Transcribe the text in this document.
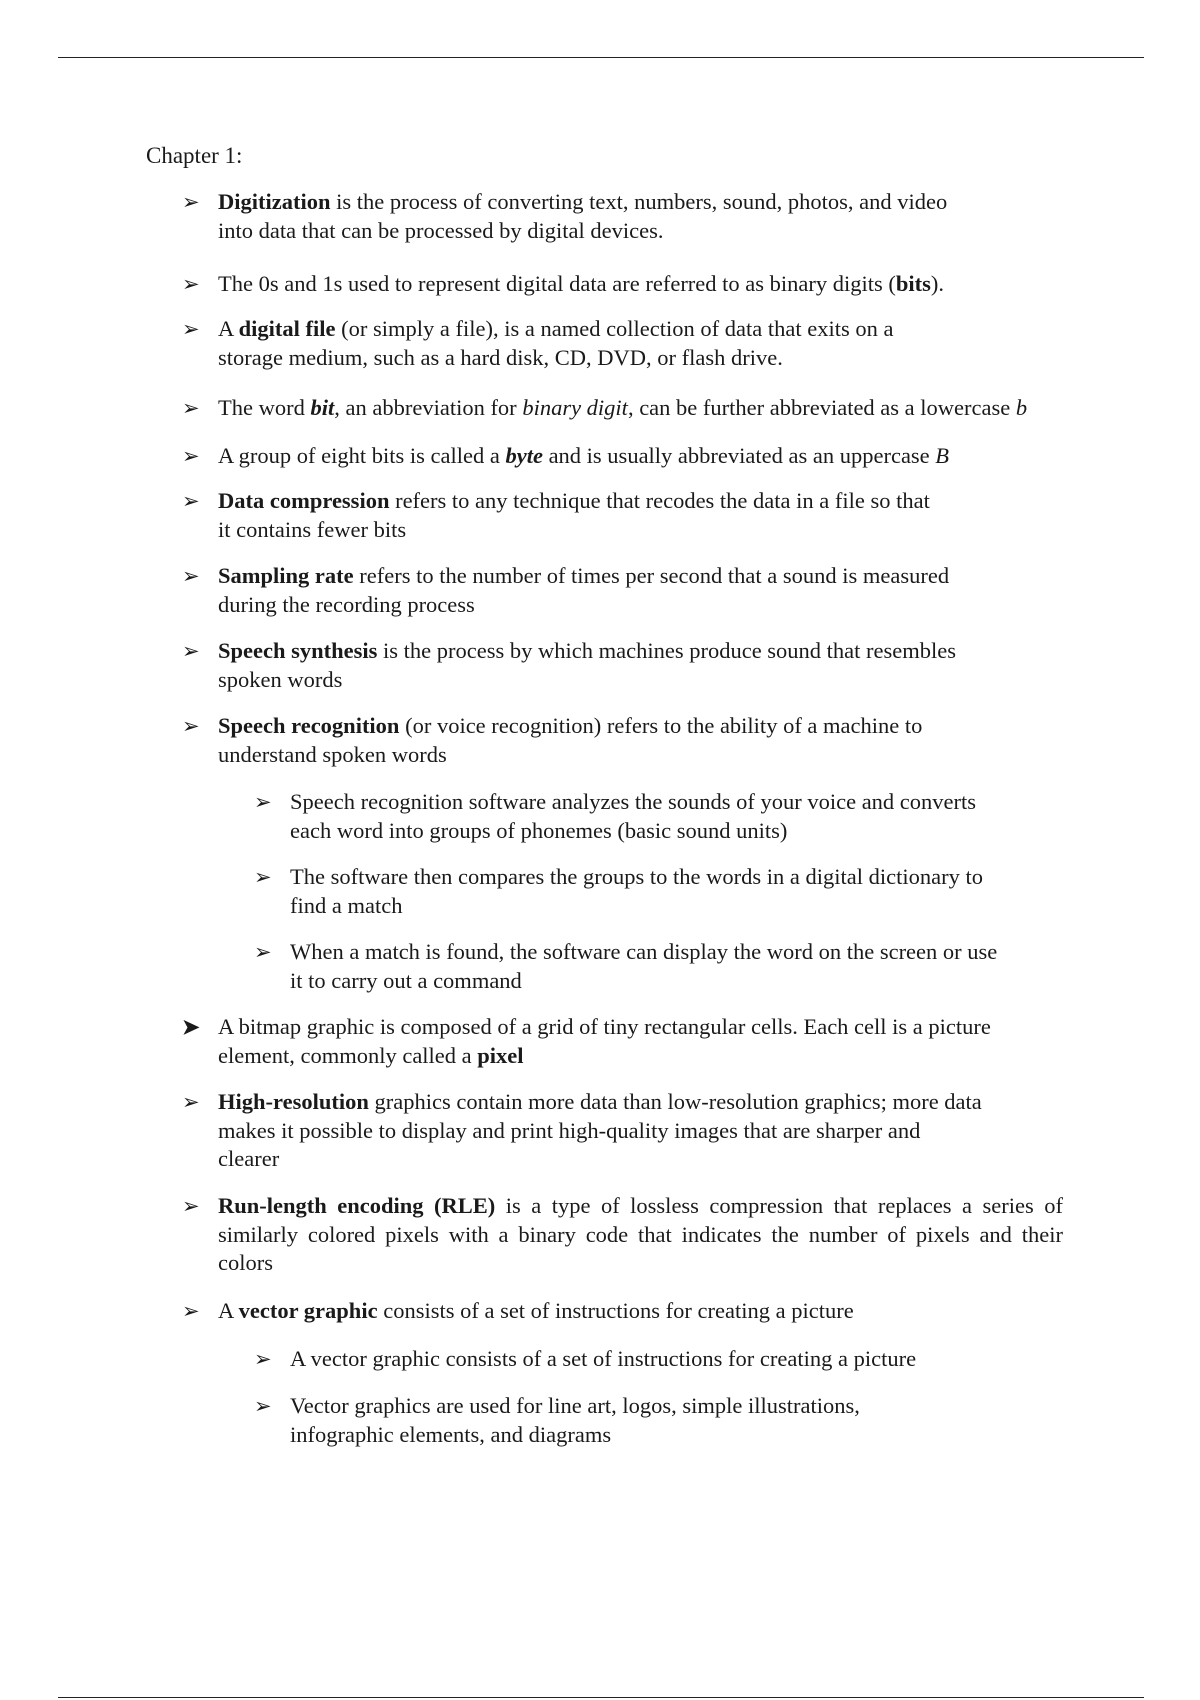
Chapter 1:
➢ Digitization is the process of converting text, numbers, sound, photos, and video
into data that can be processed by digital devices.
➢ The 0s and 1s used to represent digital data are referred to as binary digits (bits).
➢ A digital file (or simply a file), is a named collection of data that exits on a
storage medium, such as a hard disk, CD, DVD, or flash drive.
➢ The word bit, an abbreviation for binary digit, can be further abbreviated as a lowercase b
➢ A group of eight bits is called a byte and is usually abbreviated as an uppercase B
➢ Data compression refers to any technique that recodes the data in a file so that
it contains fewer bits
➢ Sampling rate refers to the number of times per second that a sound is measured
during the recording process
➢ Speech synthesis is the process by which machines produce sound that resembles
spoken words
➢ Speech recognition (or voice recognition) refers to the ability of a machine to
understand spoken words
➢ Speech recognition software analyzes the sounds of your voice and converts
each word into groups of phonemes (basic sound units)
➢ The software then compares the groups to the words in a digital dictionary to
find a match
➢ When a match is found, the software can display the word on the screen or use
it to carry out a command
➤ A bitmap graphic is composed of a grid of tiny rectangular cells. Each cell is a picture
element, commonly called a pixel
➢ High-resolution graphics contain more data than low-resolution graphics; more data
makes it possible to display and print high-quality images that are sharper and
clearer
➢ Run-length encoding (RLE) is a type of lossless compression that replaces a series of similarly colored pixels with a binary code that indicates the number of pixels and their colors
➢ A vector graphic consists of a set of instructions for creating a picture
➢ A vector graphic consists of a set of instructions for creating a picture
➢ Vector graphics are used for line art, logos, simple illustrations,
infographic elements, and diagrams
